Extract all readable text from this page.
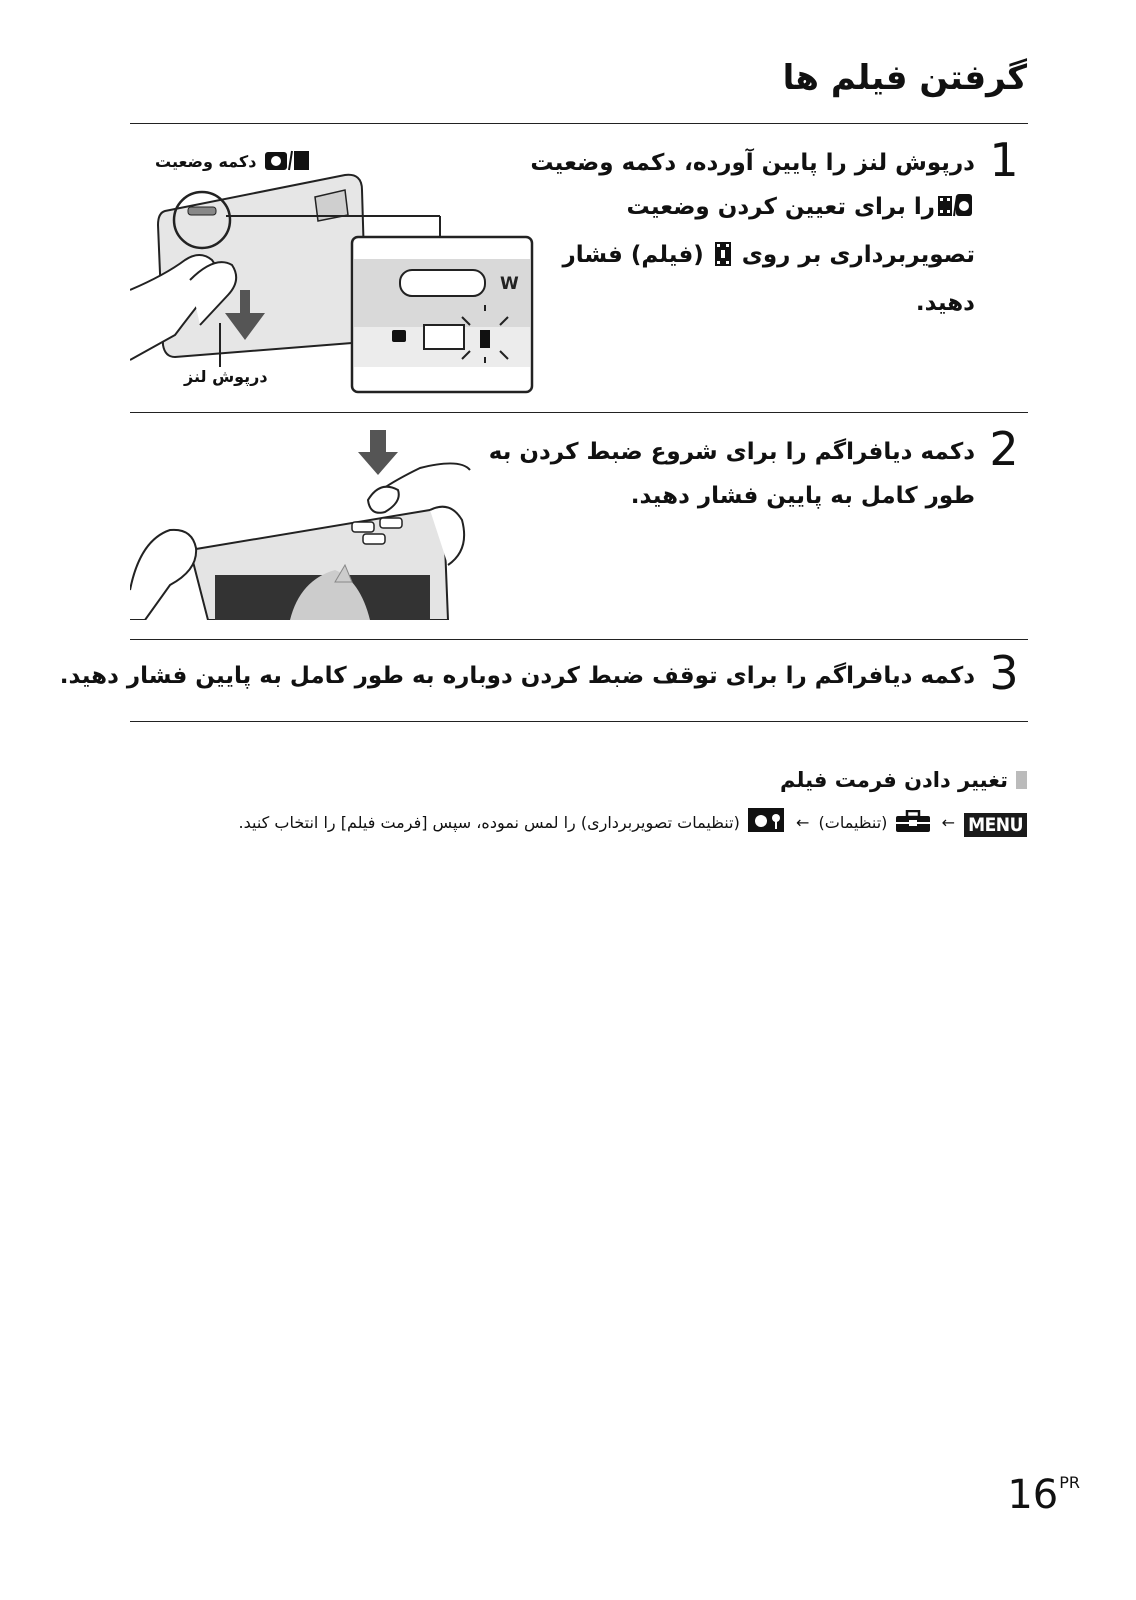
گرفتن فیلم ها
1
درپوش لنز را پایین آورده، دکمه وضعیت
را برای تعیین کردن وضعیت
تصویربرداری بر روی  (فیلم) فشار
دهید.
دکمه وضعیت
W
درپوش لنز
2
دکمه دیافراگم را برای شروع ضبط کردن به
طور کامل به پایین فشار دهید.
3
دکمه دیافراگم را برای توقف ضبط کردن دوباره به طور کامل به پایین فشار دهید.
تغییر دادن فرمت فیلم
MENU ←  (تنظیمات) ←  (تنظیمات تصویربرداری) را لمس نموده، سپس [فرمت فیلم] را انتخاب کنید.
$16^{PR}$
